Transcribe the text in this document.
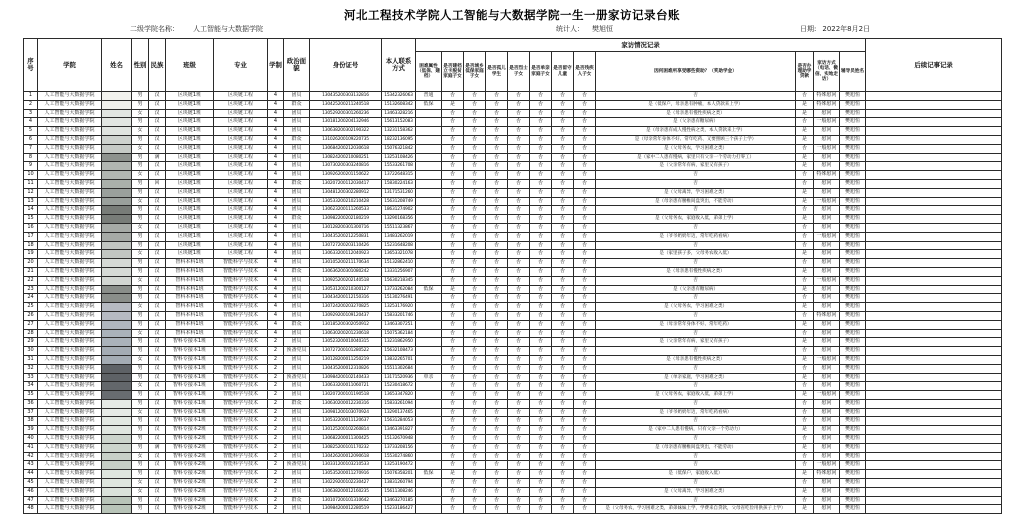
河北工程技术学院人工智能与大数据学院一生一册家访记录台账
二级学院名称： 人工智能与大数据学院	统计人： 樊旭恒	日期: 2022年8月2日
序号	学院	姓名	性别	民族	班级	专业	学制	政治面貌	身份证号	本人联系方式	家访情况记录												后续记事记录
											困难属性（低保、建档）	是否建档立卡脱贫家庭子女	是否城乡低保家庭子女	是否孤儿学生	是否烈士子女	是否单亲家庭子女	是否留守儿童	是否残疾人子女	因何困难所享受哪些资助？（奖助学金）	是否办理助学贷款	家访方式（电话、微信、实地走访）	辅导员姓名	
1	人工智能与大数据学院		男	汉	区块链1班	区块链工程	4	团员	130435200303132816	15342326063	普通	否	否	否	否	否	否	否	否	否	特殊慰问	樊旭恒	
2	人工智能与大数据学院		男	汉	区块链1班	区块链工程	4	群众	130425200211240518	15132608342	低保	是	否	否	否	否	否	否	是（低保户，母亲患有肿瘤，本人贷款来上学）	是	特殊慰问	樊旭恒	
3	人工智能与大数据学院		女	汉	区块链1班	区块链工程	4	团员	130529200301260236	13463328216		否	否	否	否	否	否	否	是（母亲患有慢性疾病之类）	是	慰问	樊旭恒	
4	人工智能与大数据学院		男	汉	区块链1班	区块链工程	4	团员	130181200204132946	15613152083		否	否	否	否	否	否	否	是（父亲患有糖尿病）	否	一般慰问	樊旭恒	
5	人工智能与大数据学院		女	汉	区块链1班	区块链工程	4	团员	130638200302190322	13231158362		否	否	否	否	否	否	否	是（母亲患有成人慢性病之类，本人贷款来上学）	是	慰问	樊旭恒	
6	人工智能与大数据学院		男	汉	区块链1班	区块链工程	4	群众	131026200109220735	18232136095		否	否	否	否	否	否	否	是（母亲常年身体不好、常年吃药、又要照顾三个孩子上学）	是	慰问	樊旭恒	
7	人工智能与大数据学院		女	汉	区块链1班	区块链工程	4	团员	130684200212030618	15076321842		否	否	否	否	否	否	否	是（父母务农，学习困难之类）	否	一般慰问	樊旭恒	
8	人工智能与大数据学院		男	满	区块链1班	区块链工程	4	团员	130824200210080251	13253108426		否	否	否	否	否	否	否	是（家中二人患有慢病，家里只有父亲一个劳动力打零工）	是	慰问	樊旭恒	
9	人工智能与大数据学院		男	汉	区块链1班	区块链工程	4	团员	130730200303240816	15533261708		否	否	否	否	否	否	否	是（父亲常年有病，家里又有孩子）	是	慰问	樊旭恒	
10	人工智能与大数据学院		女	汉	区块链1班	区块链工程	4	团员	130926200201150622	13722648315		否	否	否	否	否	否	否	否	否	特殊慰问	樊旭恒	
11	人工智能与大数据学院		男	回	区块链1班	区块链工程	4	群众	130207200112030417	15830224163		否	否	否	否	否	否	否	否	否	慰问	樊旭恒	
12	人工智能与大数据学院		男	汉	区块链1班	区块链工程	4	团员	130481200302280912	13171531260		否	否	否	否	否	否	否	是（父母离异，学习困难之类）	是	慰问	樊旭恒	
13	人工智能与大数据学院		女	汉	区块链1班	区块链工程	4	团员	130533200210210428	15631208749		否	否	否	否	否	否	否	是（母亲患有腰椎间盘突出，不能劳动）	是	一般慰问	樊旭恒	
14	人工智能与大数据学院		男	汉	区块链1班	区块链工程	4	团员	130623200111260533	18631274902		否	否	否	否	否	否	否	否	否	慰问	樊旭恒	
15	人工智能与大数据学院		男	汉	区块链1班	区块链工程	4	群众	130982200202180219	13290168356		否	否	否	否	否	否	否	是（父母务农，家庭收入低，弟弟上学）	是	慰问	樊旭恒	
16	人工智能与大数据学院		女	汉	区块链1班	区块链工程	4	团员	130128200301300716	15511323867		否	否	否	否	否	否	否	否	否	慰问	樊旭恒	
17	人工智能与大数据学院		男	汉	区块链1班	区块链工程	4	团员	130435200212250831	13483262019		否	否	否	否	否	否	否	是（爷爷奶奶年迈，常年吃药看病）	否	一般慰问	樊旭恒	
18	人工智能与大数据学院		男	汉	区块链1班	区块链工程	4	团员	130727200203110426	15231648208		否	否	否	否	否	否	否	否	否	慰问	樊旭恒	
19	人工智能与大数据学院		女	汉	区块链1班	区块链工程	4	团员	130633200112040923	13653321078		否	否	否	否	否	否	否	是（家里孩子多，父母务农收入低）	是	慰问	樊旭恒	
20	人工智能与大数据学院		男	汉	智科本科1班	智能科学与技术	4	团员	130105200211170634	15132862410		否	否	否	否	否	否	否	否	否	慰问	樊旭恒	
21	人工智能与大数据学院		男	汉	智科本科1班	智能科学与技术	4	群众	130636200301080242	13331256907		否	否	否	否	否	否	否	是（母亲患有慢性疾病之类）	是	慰问	樊旭恒	
22	人工智能与大数据学院		女	汉	智科本科1班	智能科学与技术	4	团员	130925200202140518	15630218345		否	否	否	否	否	否	否	否	否	一般慰问	樊旭恒	
23	人工智能与大数据学院		男	汉	智科本科1班	智能科学与技术	4	团员	130531200210300127	13733262084	低保	是	否	否	否	否	否	否	是（父亲患有糖尿病）	是	慰问	樊旭恒	
24	人工智能与大数据学院		男	汉	智科本科1班	智能科学与技术	4	团员	130434200112150316	15130276491		否	否	否	否	否	否	否	否	否	慰问	樊旭恒	
25	人工智能与大数据学院		女	汉	智科本科1班	智能科学与技术	4	团员	130724200203270825	13253176920		否	否	否	否	否	否	否	是（父母务农，学习困难之类）	是	慰问	樊旭恒	
26	人工智能与大数据学院		男	汉	智科本科1班	智能科学与技术	4	团员	130929200109120437	15833201746		否	否	否	否	否	否	否	否	否	特殊慰问	樊旭恒	
27	人工智能与大数据学院		男	汉	智科本科1班	智能科学与技术	4	群众	130185200302050912	13463307251		否	否	否	否	否	否	否	是（母亲常年身体不好、常年吃药）	是	慰问	樊旭恒	
28	人工智能与大数据学院		女	汉	智科本科1班	智能科学与技术	4	团员	130630200201230618	15075362184		否	否	否	否	否	否	否	否	否	慰问	樊旭恒	
29	人工智能与大数据学院		男	汉	智科专接本1班	智能科学与技术	2	团员	130523200010040315	13231862950		否	否	否	否	否	否	否	是（父亲常年有病，家里又有孩子）	是	慰问	樊旭恒	
30	人工智能与大数据学院		男	汉	智科专接本1班	智能科学与技术	2	预备党员	130727200101280522	15632108473		否	否	否	否	否	否	否	否	否	慰问	樊旭恒	
31	人工智能与大数据学院		女	汉	智科专接本1班	智能科学与技术	2	团员	130128200011250219	13832265701		否	否	否	否	否	否	否	是（母亲患有慢性疾病之类）	是	一般慰问	樊旭恒	
32	人工智能与大数据学院		男	汉	智科专接本1班	智能科学与技术	2	团员	130435200012310826	15511302684		否	否	否	否	否	否	否	否	否	慰问	樊旭恒	
33	人工智能与大数据学院		男	汉	智科专接本1班	智能科学与技术	2	预备党员	130984200102140433	13171520936	单亲	否	否	否	否	否	否	否	是（单亲家庭，学习困难之类）	是	慰问	樊旭恒	
34	人工智能与大数据学院		女	汉	智科专接本1班	智能科学与技术	2	团员	130633200011060721	15230418672		否	否	否	否	否	否	否	否	否	慰问	樊旭恒	
35	人工智能与大数据学院		男	汉	智科专接本1班	智能科学与技术	2	团员	130207200101190518	13653347820		否	否	否	否	否	否	否	是（父母务农，家庭收入低，弟弟上学）	是	一般慰问	樊旭恒	
36	人工智能与大数据学院		男	汉	智科专接本1班	智能科学与技术	2	群众	130630200012230316	15833261094		否	否	否	否	否	否	否	否	否	慰问	樊旭恒	
37	人工智能与大数据学院		女	汉	智科专接本1班	智能科学与技术	2	团员	130981200103070924	13290137465		否	否	否	否	否	否	否	是（爷爷奶奶年迈，常年吃药看病）	否	慰问	樊旭恒	
38	人工智能与大数据学院		男	汉	智科专接本1班	智能科学与技术	2	团员	130532200011120637	15631284053		否	否	否	否	否	否	否	否	否	慰问	樊旭恒	
39	人工智能与大数据学院		男	汉	智科专接本2班	智能科学与技术	2	团员	130125200102260814	13463391827		否	否	否	否	否	否	否	是（家中二人患有慢病，只有父亲一个劳动力）	是	慰问	樊旭恒	
40	人工智能与大数据学院		男	汉	智科专接本2班	智能科学与技术	2	团员	130682200011300425	15132670948		否	否	否	否	否	否	否	否	否	慰问	樊旭恒	
41	人工智能与大数据学院		男	满	智科专接本2班	智能科学与技术	2	团员	130825200101170232	13733208156		否	否	否	否	否	否	否	是（母亲患有腰椎间盘突出，不能劳动）	是	慰问	樊旭恒	
42	人工智能与大数据学院		女	汉	智科专接本2班	智能科学与技术	2	团员	130426200012090618	15530274860		否	否	否	否	否	否	否	否	否	慰问	樊旭恒	
43	人工智能与大数据学院		男	汉	智科专接本2班	智能科学与技术	2	预备党员	130331200103210533	13253190472		否	否	否	否	否	否	否	否	否	一般慰问	樊旭恒	
44	人工智能与大数据学院		男	汉	智科专接本2班	智能科学与技术	2	团员	130535200011270916	15076358201	低保	是	否	否	否	否	否	否	是（低保户，家庭收入低）	是	特殊慰问	樊旭恒	
45	人工智能与大数据学院		女	汉	智科专接本2班	智能科学与技术	2	团员	130229200102230427	13831260794		否	否	否	否	否	否	否	否	否	慰问	樊旭恒	
46	人工智能与大数据学院		女	汉	智科专接本2班	智能科学与技术	2	团员	130638200012160235	15611308246		否	否	否	否	否	否	否	是（父母离异，学习困难之类）	是	慰问	樊旭恒	
47	人工智能与大数据学院		男	汉	智科专接本2班	智能科学与技术	2	群众	130107200101310642	13463270185		否	否	否	否	否	否	否	否	否	慰问	樊旭恒	
48	人工智能与大数据学院		男	汉	智科专接本2班	智能科学与技术	2	团员	130984200012280519	15233186427		否	否	否	否	否	否	否	是（父母务农，学习困难之类，弟弟妹妹上学，学费来自贷款，父母省吃俭用供孩子上学）	是	慰问	樊旭恒	
